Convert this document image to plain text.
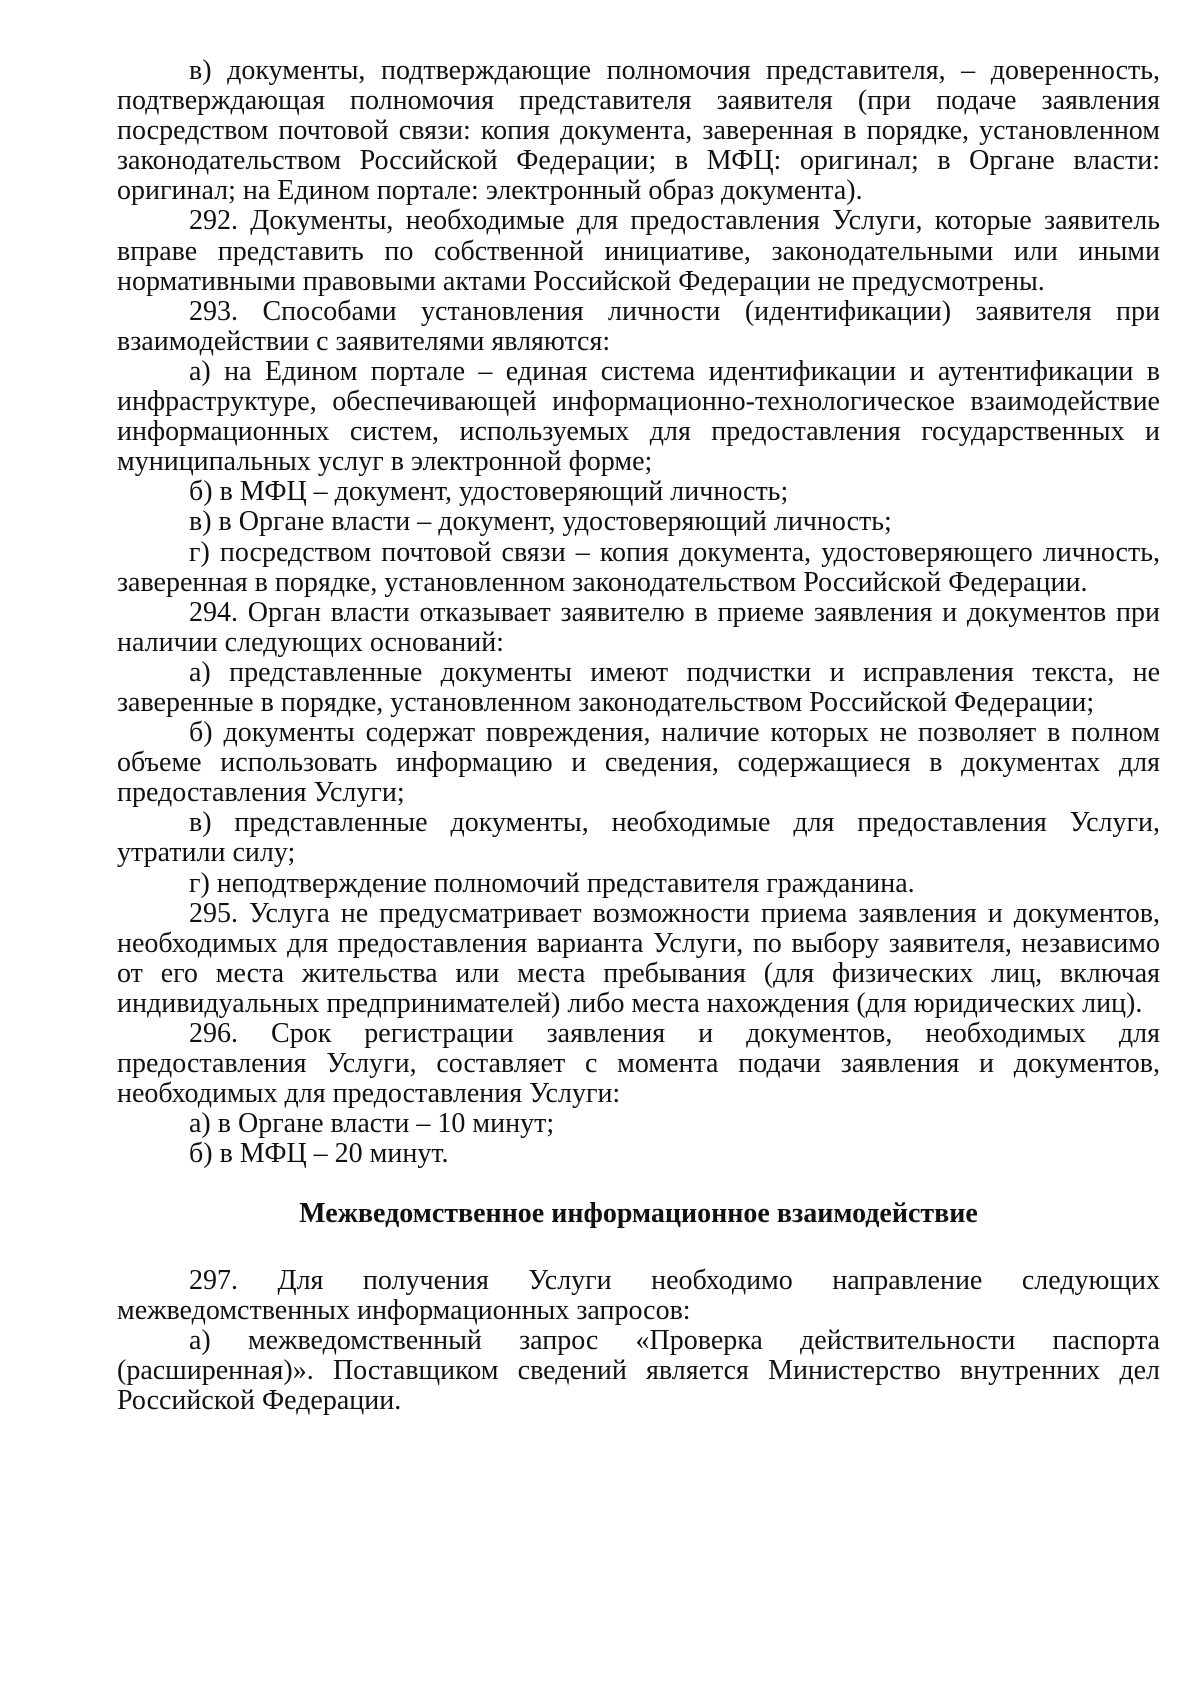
в) документы, подтверждающие полномочия представителя, – доверенность, подтверждающая полномочия представителя заявителя (при подаче заявления посредством почтовой связи: копия документа, заверенная в порядке, установленном законодательством Российской Федерации; в МФЦ: оригинал; в Органе власти: оригинал; на Едином портале: электронный образ документа).

292. Документы, необходимые для предоставления Услуги, которые заявитель вправе представить по собственной инициативе, законодательными или иными нормативными правовыми актами Российской Федерации не предусмотрены.

293. Способами установления личности (идентификации) заявителя при взаимодействии с заявителями являются:

а) на Едином портале – единая система идентификации и аутентификации в инфраструктуре, обеспечивающей информационно-технологическое взаимодействие информационных систем, используемых для предоставления государственных и муниципальных услуг в электронной форме;

б) в МФЦ – документ, удостоверяющий личность;

в) в Органе власти – документ, удостоверяющий личность;

г) посредством почтовой связи – копия документа, удостоверяющего личность, заверенная в порядке, установленном законодательством Российской Федерации.

294. Орган власти отказывает заявителю в приеме заявления и документов при наличии следующих оснований:

а) представленные документы имеют подчистки и исправления текста, не заверенные в порядке, установленном законодательством Российской Федерации;

б) документы содержат повреждения, наличие которых не позволяет в полном объеме использовать информацию и сведения, содержащиеся в документах для предоставления Услуги;

в) представленные документы, необходимые для предоставления Услуги, утратили силу;

г) неподтверждение полномочий представителя гражданина.

295. Услуга не предусматривает возможности приема заявления и документов, необходимых для предоставления варианта Услуги, по выбору заявителя, независимо от его места жительства или места пребывания (для физических лиц, включая индивидуальных предпринимателей) либо места нахождения (для юридических лиц).

296. Срок регистрации заявления и документов, необходимых для предоставления Услуги, составляет с момента подачи заявления и документов, необходимых для предоставления Услуги:

а) в Органе власти – 10 минут;

б) в МФЦ – 20 минут.

Межведомственное информационное взаимодействие

297. Для получения Услуги необходимо направление следующих межведомственных информационных запросов:

а) межведомственный запрос «Проверка действительности паспорта (расширенная)». Поставщиком сведений является Министерство внутренних дел Российской Федерации.
